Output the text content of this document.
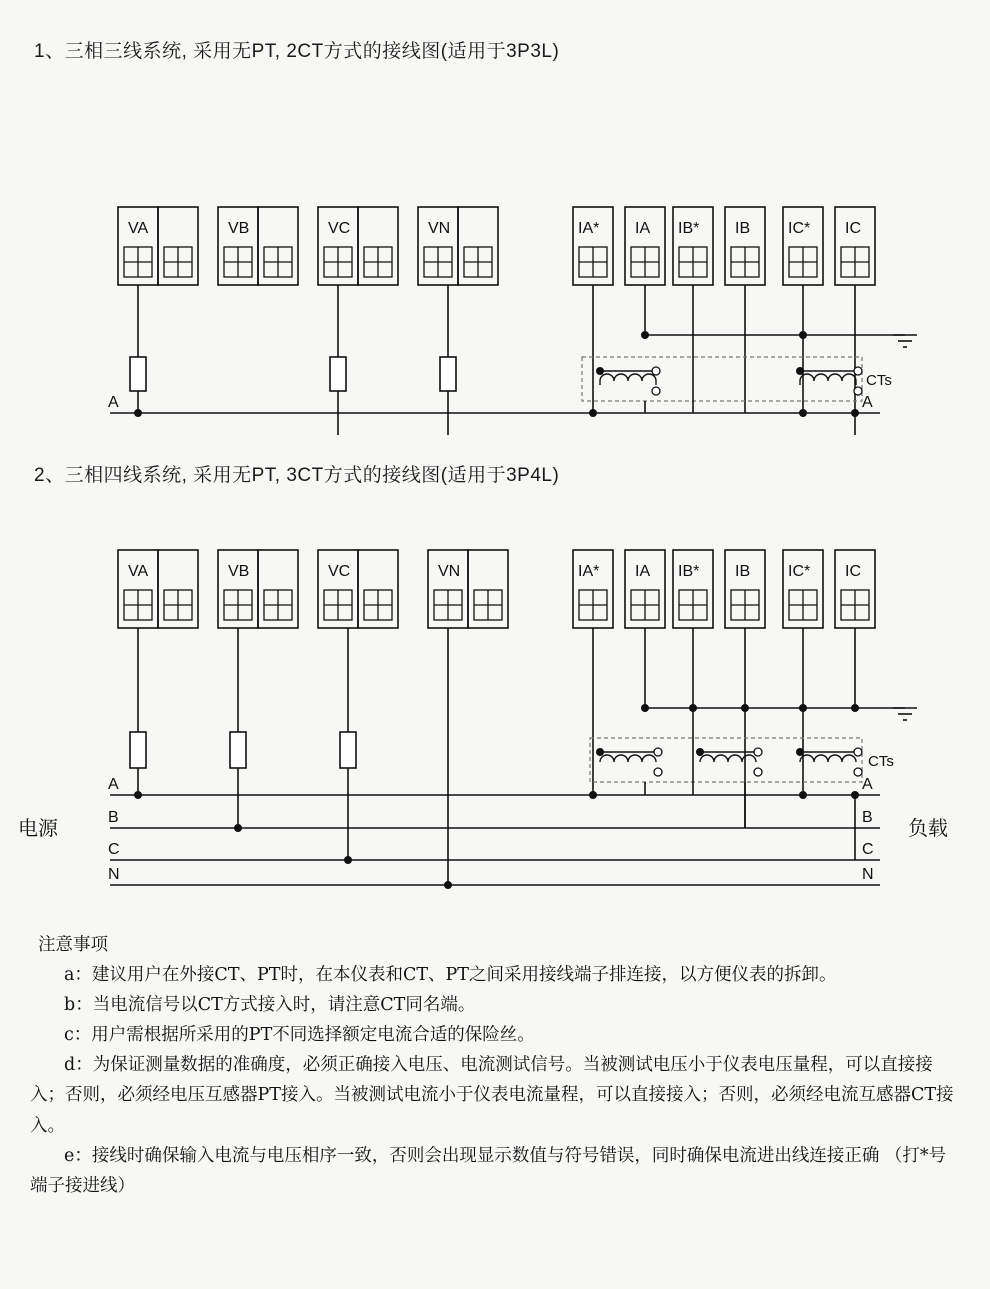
1、三相三线系统, 采用无PT, 2CT方式的接线图(适用于3P3L)
VA	VB	VC	VN	IA* IA IB* IB IC* IC
CTs
A	A
2、三相四线系统, 采用无PT, 3CT方式的接线图(适用于3P4L)
VA	VB	VC	VN	IA* IA IB* IB IC* IC
CTs
A
B
C
N
A
B
C
N
电源	负载
注意事项

a：建议用户在外接CT、PT时，在本仪表和CT、PT之间采用接线端子排连接，以方便仪表的拆卸。

b：当电流信号以CT方式接入时，请注意CT同名端。

c：用户需根据所采用的PT不同选择额定电流合适的保险丝。

d：为保证测量数据的准确度，必须正确接入电压、电流测试信号。当被测试电压小于仪表电压量程，可以直接接入；否则，必须经电压互感器PT接入。当被测试电流小于仪表电流量程，可以直接接入；否则，必须经电流互感器CT接入。

e：接线时确保输入电流与电压相序一致，否则会出现显示数值与符号错误，同时确保电流进出线连接正确 （打*号端子接进线）
